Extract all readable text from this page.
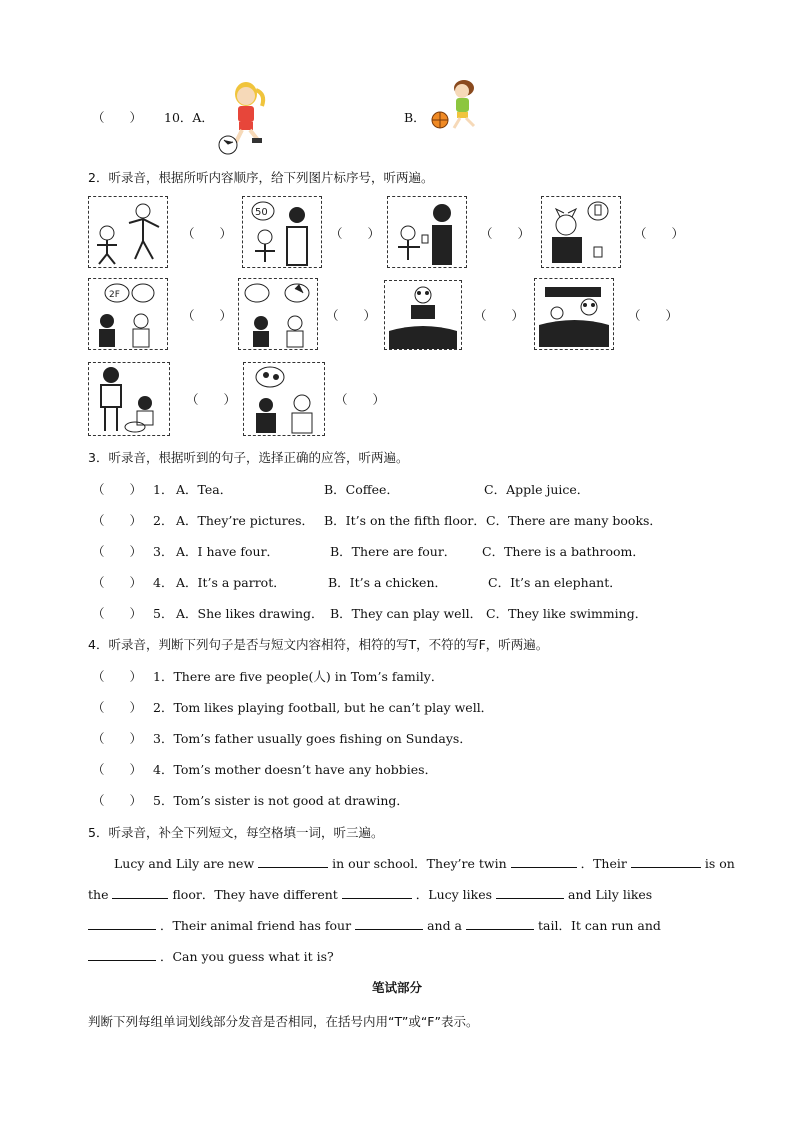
（　　） 10．A．	B．
2．听录音，根据所听内容顺序，给下列图片标序号，听两遍。
（　　）
50
（　　）	（　　）	（　　）
2F
（　　）	（　　）	（　　）	（　　）
（　　）	（　　）
3．听录音，根据听到的句子，选择正确的应答，听两遍。
（　　） 1． A．Tea．	B．Coffee．	C．Apple juice．
（　　） 2． A．They’re pictures． B．It’s on the fifth floor． C．There are many books．
（　　） 3． A．I have four．	B．There are four． C．There is a bathroom．
（　　） 4． A．It’s a parrot．	B．It’s a chicken．	C．It’s an elephant．
（　　） 5． A．She likes drawing． B．They can play well． C．They like swimming．
4．听录音，判断下列句子是否与短文内容相符，相符的写T，不符的写F，听两遍。
（　　） 1．There are five people(人) in Tom’s family．
（　　） 2．Tom likes playing football, but he can’t play well．
（　　） 3．Tom’s father usually goes fishing on Sundays．
（　　） 4．Tom’s mother doesn’t have any hobbies．
（　　） 5．Tom’s sister is not good at drawing．
5．听录音，补全下列短文，每空格填一词，听三遍。
Lucy and Lily are new	in our school．They’re twin	．Their	is on
the	floor．They have different	．Lucy likes	and Lily likes
．Their animal friend has four	and a	tail．It can run and
．Can you guess what it is?
笔试部分
判断下列每组单词划线部分发音是否相同，在括号内用“T”或“F”表示。
